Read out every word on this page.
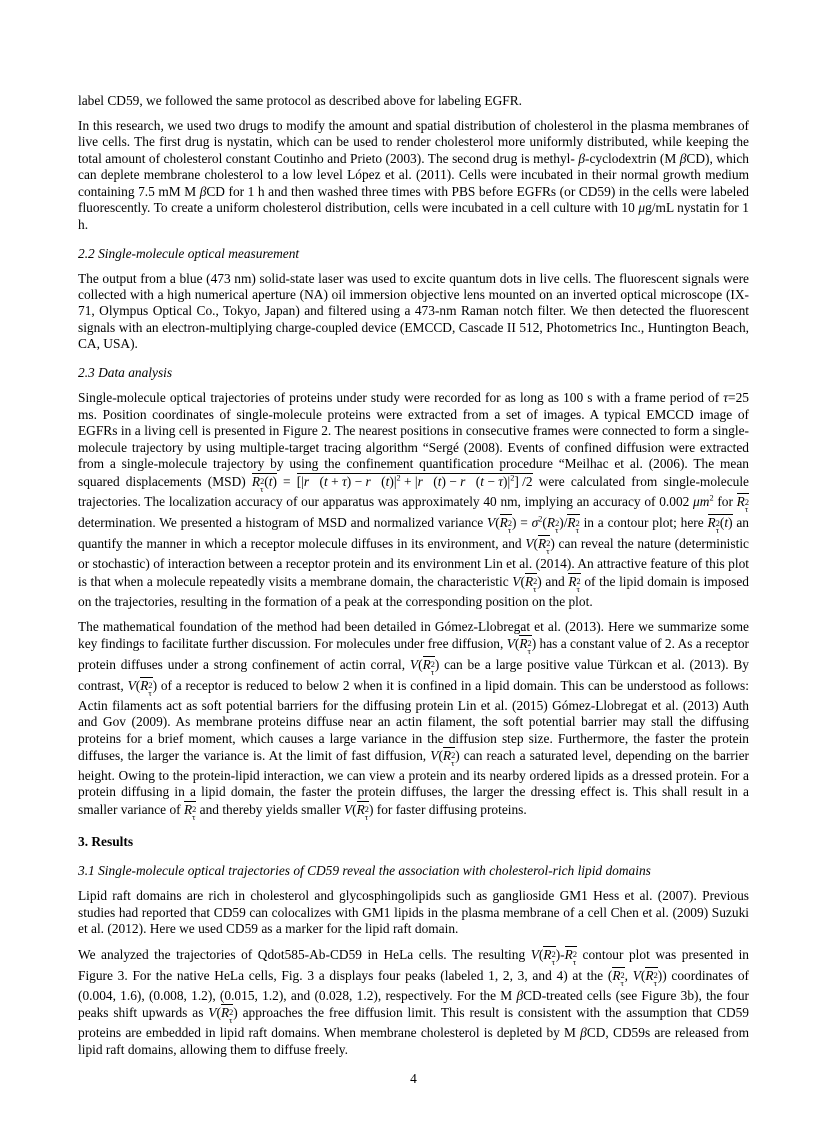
label CD59, we followed the same protocol as described above for labeling EGFR.

In this research, we used two drugs to modify the amount and spatial distribution of cholesterol in the plasma membranes of live cells. The first drug is nystatin, which can be used to render cholesterol more uniformly distributed, while keeping the total amount of cholesterol constant Coutinho and Prieto (2003). The second drug is methyl- β-cyclodextrin (M βCD), which can deplete membrane cholesterol to a low level López et al. (2011). Cells were incubated in their normal growth medium containing 7.5 mM M βCD for 1 h and then washed three times with PBS before EGFRs (or CD59) in the cells were labeled fluorescently. To create a uniform cholesterol distribution, cells were incubated in a cell culture with 10 μg/mL nystatin for 1 h.

2.2 Single-molecule optical measurement

The output from a blue (473 nm) solid-state laser was used to excite quantum dots in live cells. The fluorescent signals were collected with a high numerical aperture (NA) oil immersion objective lens mounted on an inverted optical microscope (IX-71, Olympus Optical Co., Tokyo, Japan) and filtered using a 473-nm Raman notch filter. We then detected the fluorescent signals with an electron-multiplying charge-coupled device (EMCCD, Cascade II 512, Photometrics Inc., Huntington Beach, CA, USA).

2.3 Data analysis

Single-molecule optical trajectories of proteins under study were recorded for as long as 100 s with a frame period of τ=25 ms. Position coordinates of single-molecule proteins were extracted from a set of images. A typical EMCCD image of EGFRs in a living cell is presented in Figure 2. The nearest positions in consecutive frames were connected to form a single-molecule trajectory by using multiple-target tracing algorithm “Sergé (2008). Events of confined diffusion were extracted from a single-molecule trajectory by using the confinement quantification procedure “Meilhac et al. (2006). The mean squared displacements (MSD) R 2
τ
(t) = [|r⃗(t + $\tau) - r⃗(t)|^2$ + |r⃗(t) − r⃗(t − $\tau)|^2$] /2 were calculated from single-molecule trajectories. The localization accuracy of our apparatus was approximately 40 nm, implying an accuracy of 0.002 $\mu m^2$ for R 2
τ
determination. We presented a histogram of MSD and normalized variance V(R 2
τ
) = $\sigma^2(R$ 2
τ
)/R 2
τ
in a contour plot; here R 2
τ
(t) an quantify the manner in which a receptor molecule diffuses in its environment, and V(R 2
τ
) can reveal the nature (deterministic or stochastic) of interaction between a receptor protein and its environment Lin et al. (2014). An attractive feature of this plot is that when a molecule repeatedly visits a membrane domain, the characteristic V(R 2
τ
) and R 2
τ
of the lipid domain is imposed on the trajectories, resulting in the formation of a peak at the corresponding position on the plot.

The mathematical foundation of the method had been detailed in Gómez-Llobregat et al. (2013). Here we summarize some key findings to facilitate further discussion. For molecules under free diffusion, V(R 2
τ
) has a constant value of 2. As a receptor protein diffuses under a strong confinement of actin corral, V(R 2
τ
) can be a large positive value Türkcan et al. (2013). By contrast, V(R 2
τ
) of a receptor is reduced to below 2 when it is confined in a lipid domain. This can be understood as follows: Actin filaments act as soft potential barriers for the diffusing protein Lin et al. (2015) Gómez-Llobregat et al. (2013) Auth and Gov (2009). As membrane proteins diffuse near an actin filament, the soft potential barrier may stall the diffusing proteins for a brief moment, which causes a large variance in the diffusion step size. Furthermore, the faster the protein diffuses, the larger the variance is. At the limit of fast diffusion, V(R 2
τ
) can reach a saturated level, depending on the barrier height. Owing to the protein-lipid interaction, we can view a protein and its nearby ordered lipids as a dressed protein. For a protein diffusing in a lipid domain, the faster the protein diffuses, the larger the dressing effect is. This shall result in a smaller variance of R 2
τ
and thereby yields smaller V(R 2
τ
) for faster diffusing proteins.

3. Results
3.1 Single-molecule optical trajectories of CD59 reveal the association with cholesterol-rich lipid domains

Lipid raft domains are rich in cholesterol and glycosphingolipids such as ganglioside GM1 Hess et al. (2007). Previous studies had reported that CD59 can colocalizes with GM1 lipids in the plasma membrane of a cell Chen et al. (2009) Suzuki et al. (2012). Here we used CD59 as a marker for the lipid raft domain.

We analyzed the trajectories of Qdot585-Ab-CD59 in HeLa cells. The resulting V(R 2
τ
)-R 2
τ
contour plot was presented in Figure 3. For the native HeLa cells, Fig. 3 a displays four peaks (labeled 1, 2, 3, and 4) at the (R 2
τ
, V(R 2
τ
)) coordinates of (0.004, 1.6), (0.008, 1.2), (0.015, 1.2), and (0.028, 1.2), respectively. For the M βCD-treated cells (see Figure 3b), the four peaks shift upwards as V(R 2
τ
) approaches the free diffusion limit. This result is consistent with the assumption that CD59 proteins are embedded in lipid raft domains. When membrane cholesterol is depleted by M βCD, CD59s are released from lipid raft domains, allowing them to diffuse freely.

4
